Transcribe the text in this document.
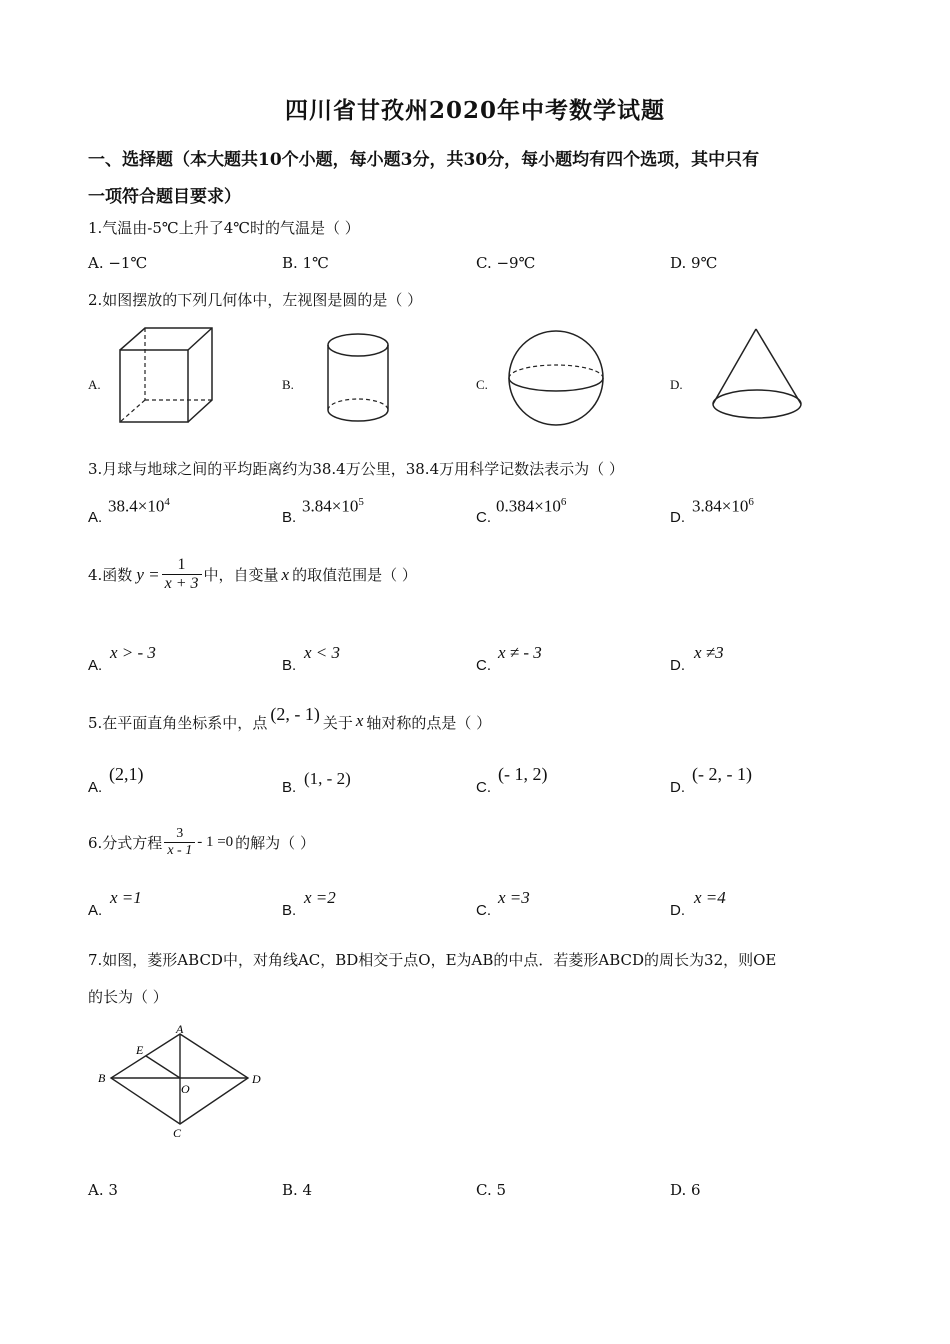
四川省甘孜州2020年中考数学试题
一、选择题（本大题共10个小题，每小题3分，共30分，每小题均有四个选项，其中只有
一项符合题目要求）
1.气温由-5℃上升了4℃时的气温是（ ）
A. −1℃	B. 1℃	C. −9℃	D. 9℃
2.如图摆放的下列几何体中，左视图是圆的是（ ）
A.	B.	C.	D.
3.月球与地球之间的平均距离约为38.4万公里，38.4万用科学记数法表示为（ ）
A.
$38.4\times 10^4$
B.
$3.84\times 10^5$
C.
$0.384\times 10^6$
D.
$3.84\times 10^6$
4.函数 $y = \frac{1}{x + 3}$ 中，自变量 x 的取值范围是（ ）
A.
x > - 3
B.
x < 3
C.
x ≠ - 3
D.
x ≠3
5.在平面直角坐标系中，点 (2, - 1) 关于 x 轴对称的点是（ ）
A.
(2,1)
B. (1, - 2)	C.
(- 1, 2)
D.
(- 2, - 1)
6.分式方程 $\frac{3}{x - 1} - 1 =0$ 的解为（ ）
A.
x =1
B.
x =2
C.
x =3
D.
x =4
7.如图，菱形ABCD中，对角线AC，BD相交于点O，E为AB的中点．若菱形ABCD的周长为32，则OE
的长为（ ）
A
B
C
D
E
O
A. 3	B. 4	C. 5	D. 6
